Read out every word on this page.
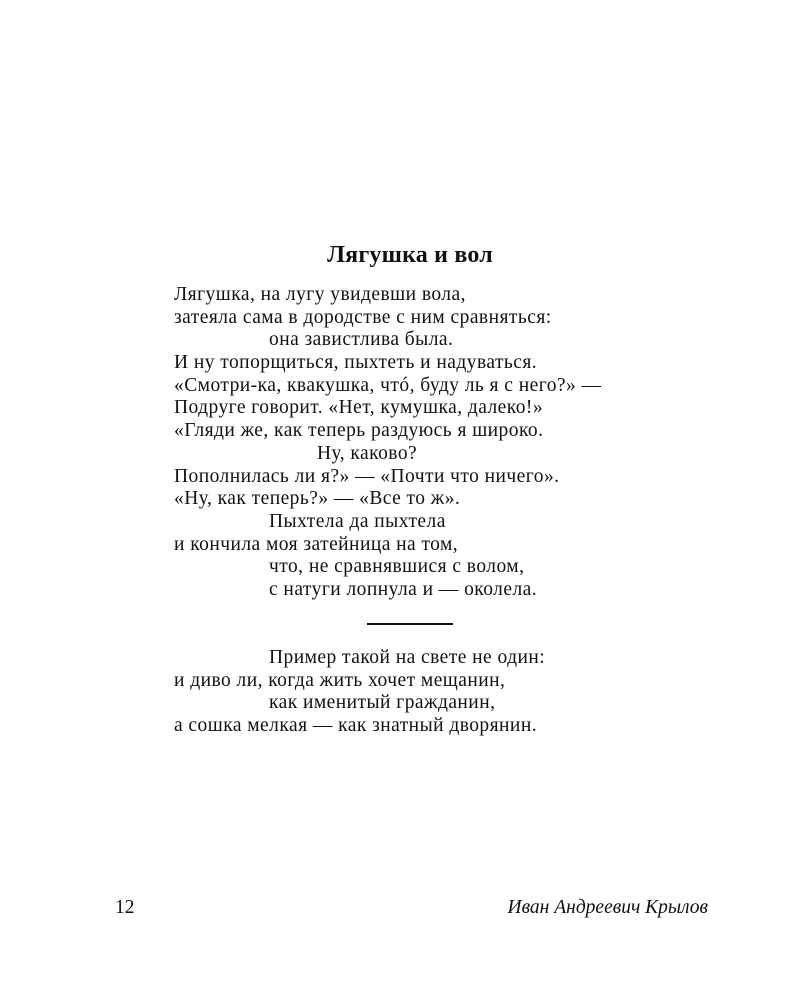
Лягушка и вол
Лягушка, на лугу увидевши вола,
затеяла сама в дородстве с ним сравняться:
она завистлива была.
И ну топорщиться, пыхтеть и надуваться.
«Смотри-ка, квакушка, чтó, буду ль я с него?» —
Подруге говорит. «Нет, кумушка, далеко!»
«Гляди же, как теперь раздуюсь я широко.
Ну, каково?
Пополнилась ли я?» — «Почти что ничего».
«Ну, как теперь?» — «Все то ж».
Пыхтела да пыхтела
и кончила моя затейница на том,
что, не сравнявшися с волом,
с натуги лопнула и — околела.
Пример такой на свете не один:
и диво ли, когда жить хочет мещанин,
как именитый гражданин,
а сошка мелкая — как знатный дворянин.
12	Иван Андреевич Крылов
